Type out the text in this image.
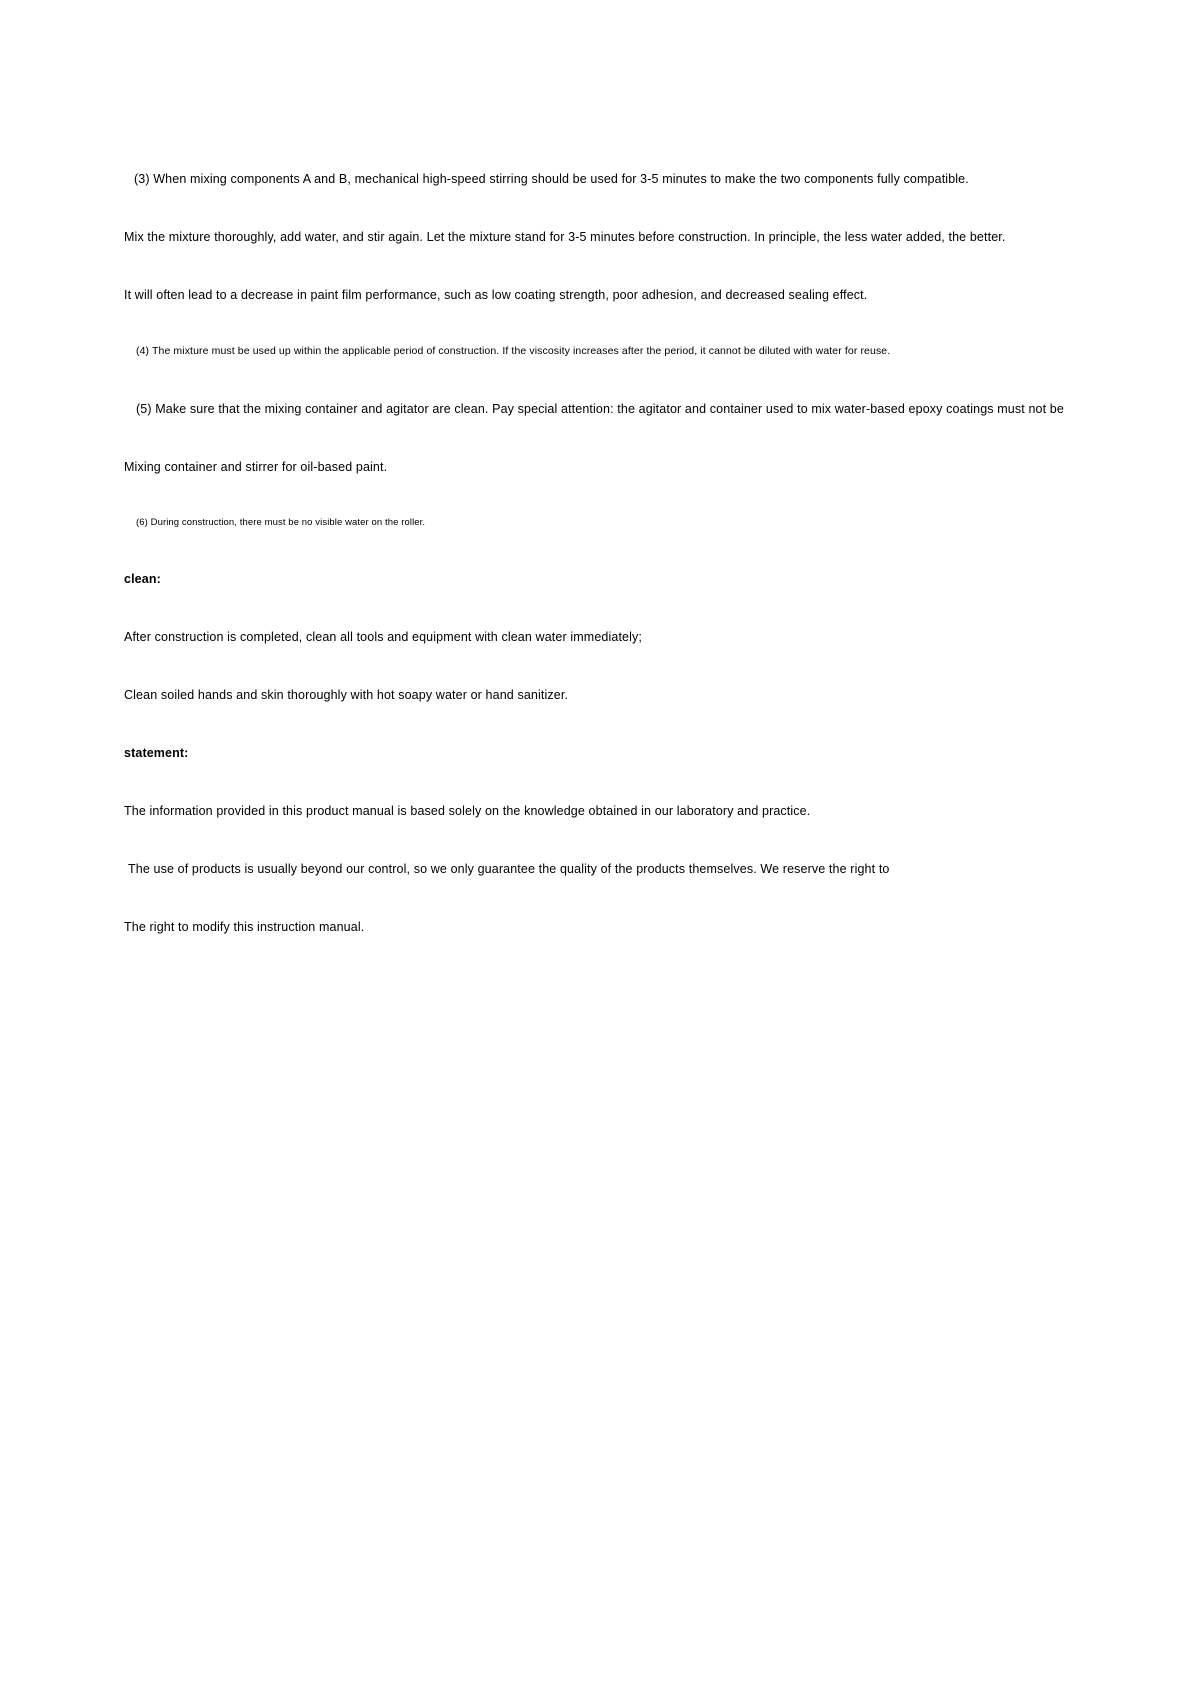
(3) When mixing components A and B, mechanical high-speed stirring should be used for 3-5 minutes to make the two components fully compatible.

Mix the mixture thoroughly, add water, and stir again. Let the mixture stand for 3-5 minutes before construction. In principle, the less water added, the better.

It will often lead to a decrease in paint film performance, such as low coating strength, poor adhesion, and decreased sealing effect.

(4) The mixture must be used up within the applicable period of construction. If the viscosity increases after the period, it cannot be diluted with water for reuse.

(5) Make sure that the mixing container and agitator are clean. Pay special attention: the agitator and container used to mix water-based epoxy coatings must not be

Mixing container and stirrer for oil-based paint.

(6) During construction, there must be no visible water on the roller.

clean:

After construction is completed, clean all tools and equipment with clean water immediately;

Clean soiled hands and skin thoroughly with hot soapy water or hand sanitizer.

statement:

The information provided in this product manual is based solely on the knowledge obtained in our laboratory and practice.

The use of products is usually beyond our control, so we only guarantee the quality of the products themselves. We reserve the right to

The right to modify this instruction manual.
